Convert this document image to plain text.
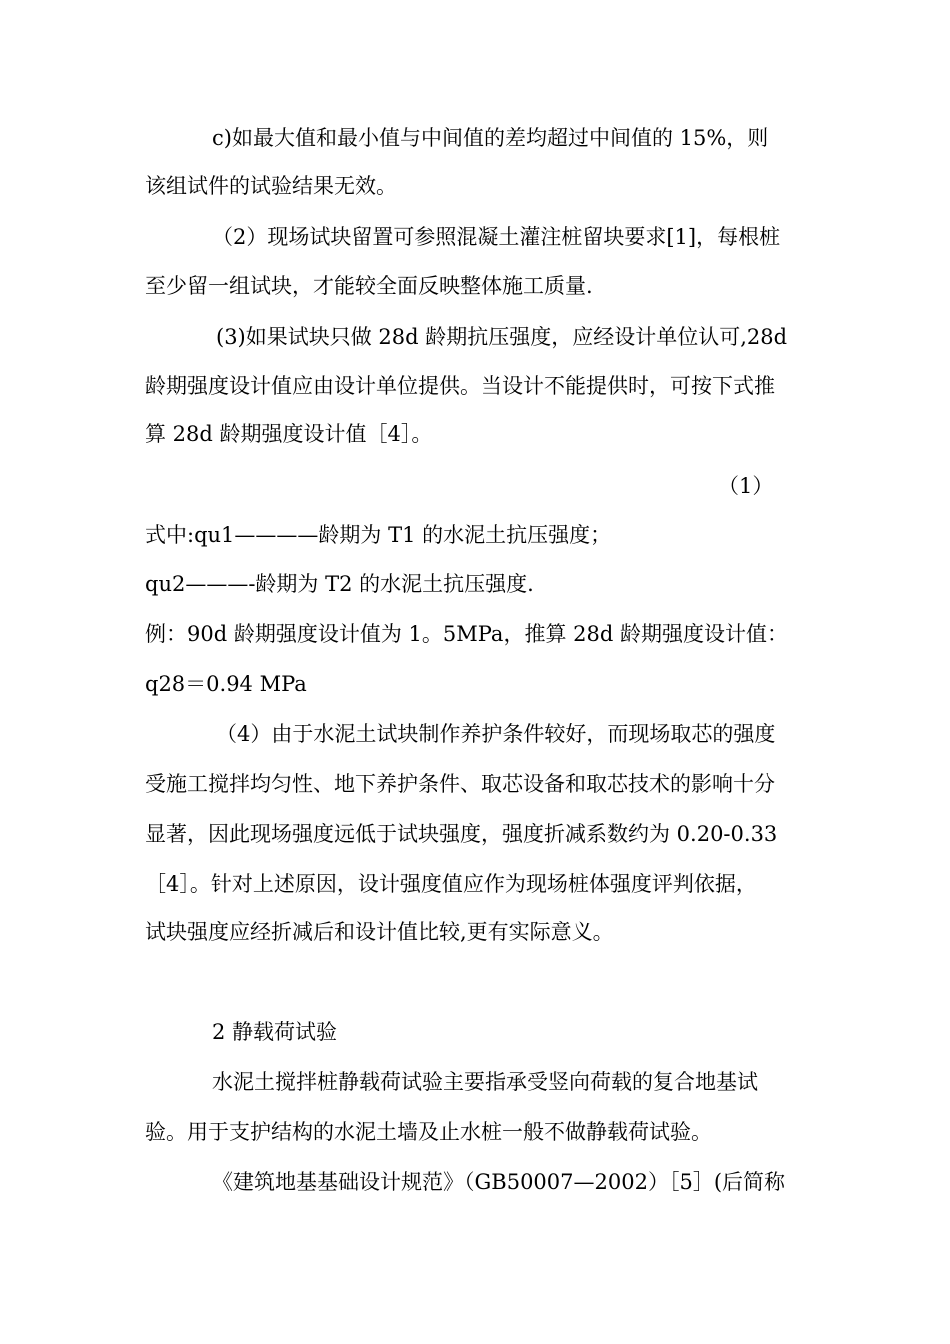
c)如最大值和最小值与中间值的差均超过中间值的 15%，则
该组试件的试验结果无效。
（2）现场试块留置可参照混凝土灌注桩留块要求[1]，每根桩
至少留一组试块，才能较全面反映整体施工质量.
(3)如果试块只做 28d 龄期抗压强度，应经设计单位认可,28d
龄期强度设计值应由设计单位提供。当设计不能提供时，可按下式推
算 28d 龄期强度设计值［4］。
（1）
式中:qu1————龄期为 T1 的水泥土抗压强度；
qu2———-龄期为 T2 的水泥土抗压强度.
例：90d 龄期强度设计值为 1。5MPa，推算 28d 龄期强度设计值：
q28＝0.94 MPa
（4）由于水泥土试块制作养护条件较好，而现场取芯的强度
受施工搅拌均匀性、地下养护条件、取芯设备和取芯技术的影响十分
显著，因此现场强度远低于试块强度，强度折减系数约为 0.20-0.33
［4］。针对上述原因，设计强度值应作为现场桩体强度评判依据，
试块强度应经折减后和设计值比较,更有实际意义。
2 静载荷试验
水泥土搅拌桩静载荷试验主要指承受竖向荷载的复合地基试
验。用于支护结构的水泥土墙及止水桩一般不做静载荷试验。
《建筑地基基础设计规范》（GB50007—2002）［5］(后简称
